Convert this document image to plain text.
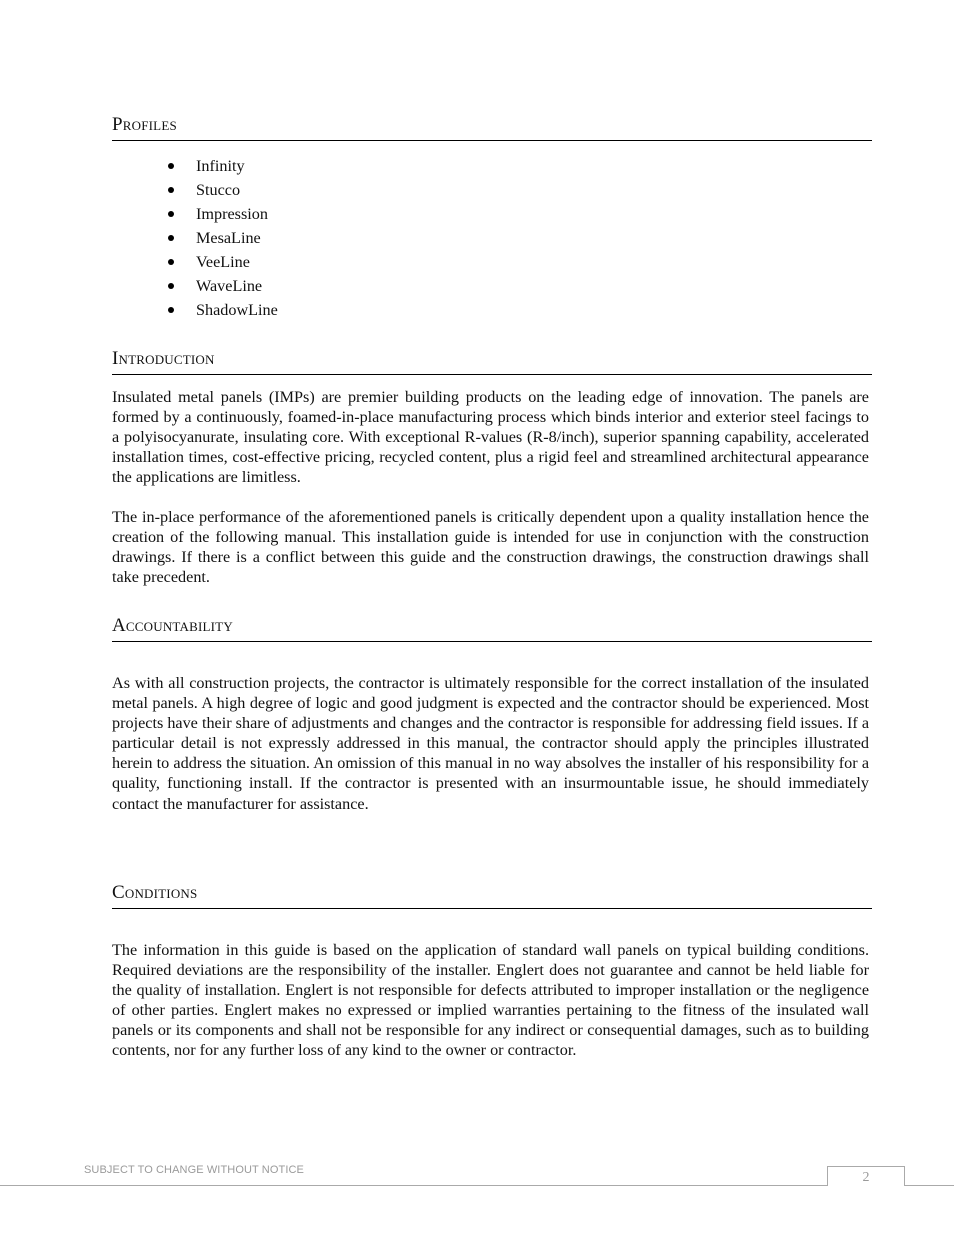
Profiles
Infinity
Stucco
Impression
MesaLine
VeeLine
WaveLine
ShadowLine
Introduction

Insulated metal panels (IMPs) are premier building products on the leading edge of innovation. The panels are formed by a continuously, foamed-in-place manufacturing process which binds interior and exterior steel facings to a polyisocyanurate, insulating core. With exceptional R-values (R-8/inch), superior spanning capability, accelerated installation times, cost-effective pricing, recycled content, plus a rigid feel and streamlined architectural appearance the applications are limitless.

The in-place performance of the aforementioned panels is critically dependent upon a quality installation hence the creation of the following manual. This installation guide is intended for use in conjunction with the construction drawings. If there is a conflict between this guide and the construction drawings, the construction drawings shall take precedent.

Accountability

As with all construction projects, the contractor is ultimately responsible for the correct installation of the insulated metal panels. A high degree of logic and good judgment is expected and the contractor should be experienced. Most projects have their share of adjustments and changes and the contractor is responsible for addressing field issues. If a particular detail is not expressly addressed in this manual, the contractor should apply the principles illustrated herein to address the situation. An omission of this manual in no way absolves the installer of his responsibility for a quality, functioning install. If the contractor is presented with an insurmountable issue, he should immediately contact the manufacturer for assistance.

Conditions

The information in this guide is based on the application of standard wall panels on typical building conditions. Required deviations are the responsibility of the installer. Englert does not guarantee and cannot be held liable for the quality of installation. Englert is not responsible for defects attributed to improper installation or the negligence of other parties. Englert makes no expressed or implied warranties pertaining to the fitness of the insulated wall panels or its components and shall not be responsible for any indirect or consequential damages, such as to building contents, nor for any further loss of any kind to the owner or contractor.

SUBJECT TO CHANGE WITHOUT NOTICE	2
